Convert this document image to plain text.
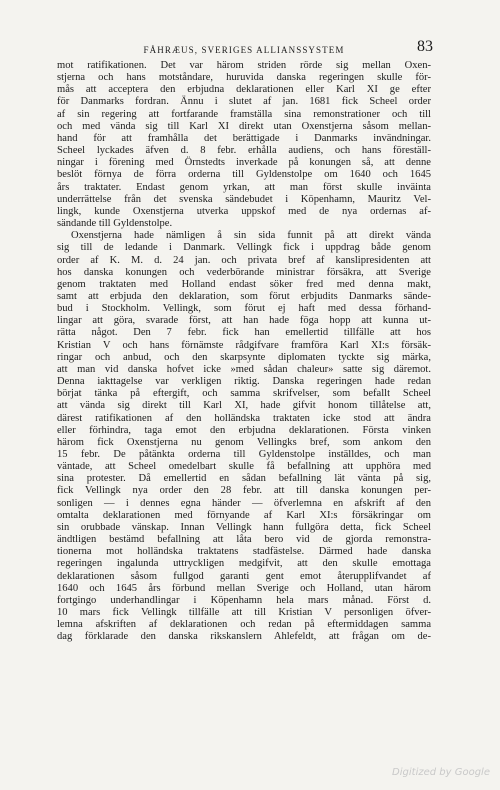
FÅHRÆUS, SVERIGES ALLIANSSYSTEM	83

mot ratifikationen. Det var härom striden rörde sig mellan Oxen-

stjerna och hans motståndare, huruvida danska regeringen skulle för-

mås att acceptera den erbjudna deklarationen eller Karl XI ge efter

för Danmarks fordran. Ännu i slutet af jan. 1681 fick Scheel order

af sin regering att fortfarande framställa sina remonstrationer och till

och med vända sig till Karl XI direkt utan Oxenstjerna såsom mellan-

hand för att framhålla det berättigade i Danmarks invändningar.

Scheel lyckades äfven d. 8 febr. erhålla audiens, och hans föreställ-

ningar i förening med Örnstedts inverkade på konungen så, att denne

beslöt förnya de förra orderna till Gyldenstolpe om 1640 och 1645

års traktater. Endast genom yrkan, att man först skulle inväinta

underrättelse från det svenska sändebudet i Köpenhamn, Mauritz Vel-

lingk, kunde Oxenstjerna utverka uppskof med de nya ordernas af-

sändande till Gyldenstolpe.

Oxenstjerna hade nämligen å sin sida funnit på att direkt vända

sig till de ledande i Danmark. Vellingk fick i uppdrag både genom

order af K. M. d. 24 jan. och privata bref af kanslipresidenten att

hos danska konungen och vederbörande ministrar försäkra, att Sverige

genom traktaten med Holland endast söker fred med denna makt,

samt att erbjuda den deklaration, som förut erbjudits Danmarks sände-

bud i Stockholm. Vellingk, som förut ej haft med dessa förhand-

lingar att göra, svarade först, att han hade föga hopp att kunna ut-

rätta något. Den 7 febr. fick han emellertid tillfälle att hos

Kristian V och hans förnämste rådgifvare framföra Karl XI:s försäk-

ringar och anbud, och den skarpsynte diplomaten tyckte sig märka,

att man vid danska hofvet icke »med sådan chaleur» satte sig däremot.

Denna iakttagelse var verkligen riktig. Danska regeringen hade redan

börjat tänka på eftergift, och samma skrifvelser, som befallt Scheel

att vända sig direkt till Karl XI, hade gifvit honom tillåtelse att,

därest ratifikationen af den holländska traktaten icke stod att ändra

eller förhindra, taga emot den erbjudna deklarationen. Första vinken

härom fick Oxenstjerna nu genom Vellingks bref, som ankom den

15 febr. De påtänkta orderna till Gyldenstolpe inställdes, och man

väntade, att Scheel omedelbart skulle få befallning att upphöra med

sina protester. Då emellertid en sådan befallning lät vänta på sig,

fick Vellingk nya order den 28 febr. att till danska konungen per-

sonligen — i dennes egna händer — öfverlemna en afskrift af den

omtalta deklarationen med förnyande af Karl XI:s försäkringar om

sin orubbade vänskap. Innan Vellingk hann fullgöra detta, fick Scheel

ändtligen bestämd befallning att låta bero vid de gjorda remonstra-

tionerna mot holländska traktatens stadfästelse. Därmed hade danska

regeringen ingalunda uttryckligen medgifvit, att den skulle emottaga

deklarationen såsom fullgod garanti gent emot återupplifvandet af

1640 och 1645 års förbund mellan Sverige och Holland, utan härom

fortgingo underhandlingar i Köpenhamn hela mars månad. Först d.

10 mars fick Vellingk tillfälle att till Kristian V personligen öfver-

lemna afskriften af deklarationen och redan på eftermiddagen samma

dag förklarade den danska rikskanslern Ahlefeldt, att frågan om de-

Digitized by Google
